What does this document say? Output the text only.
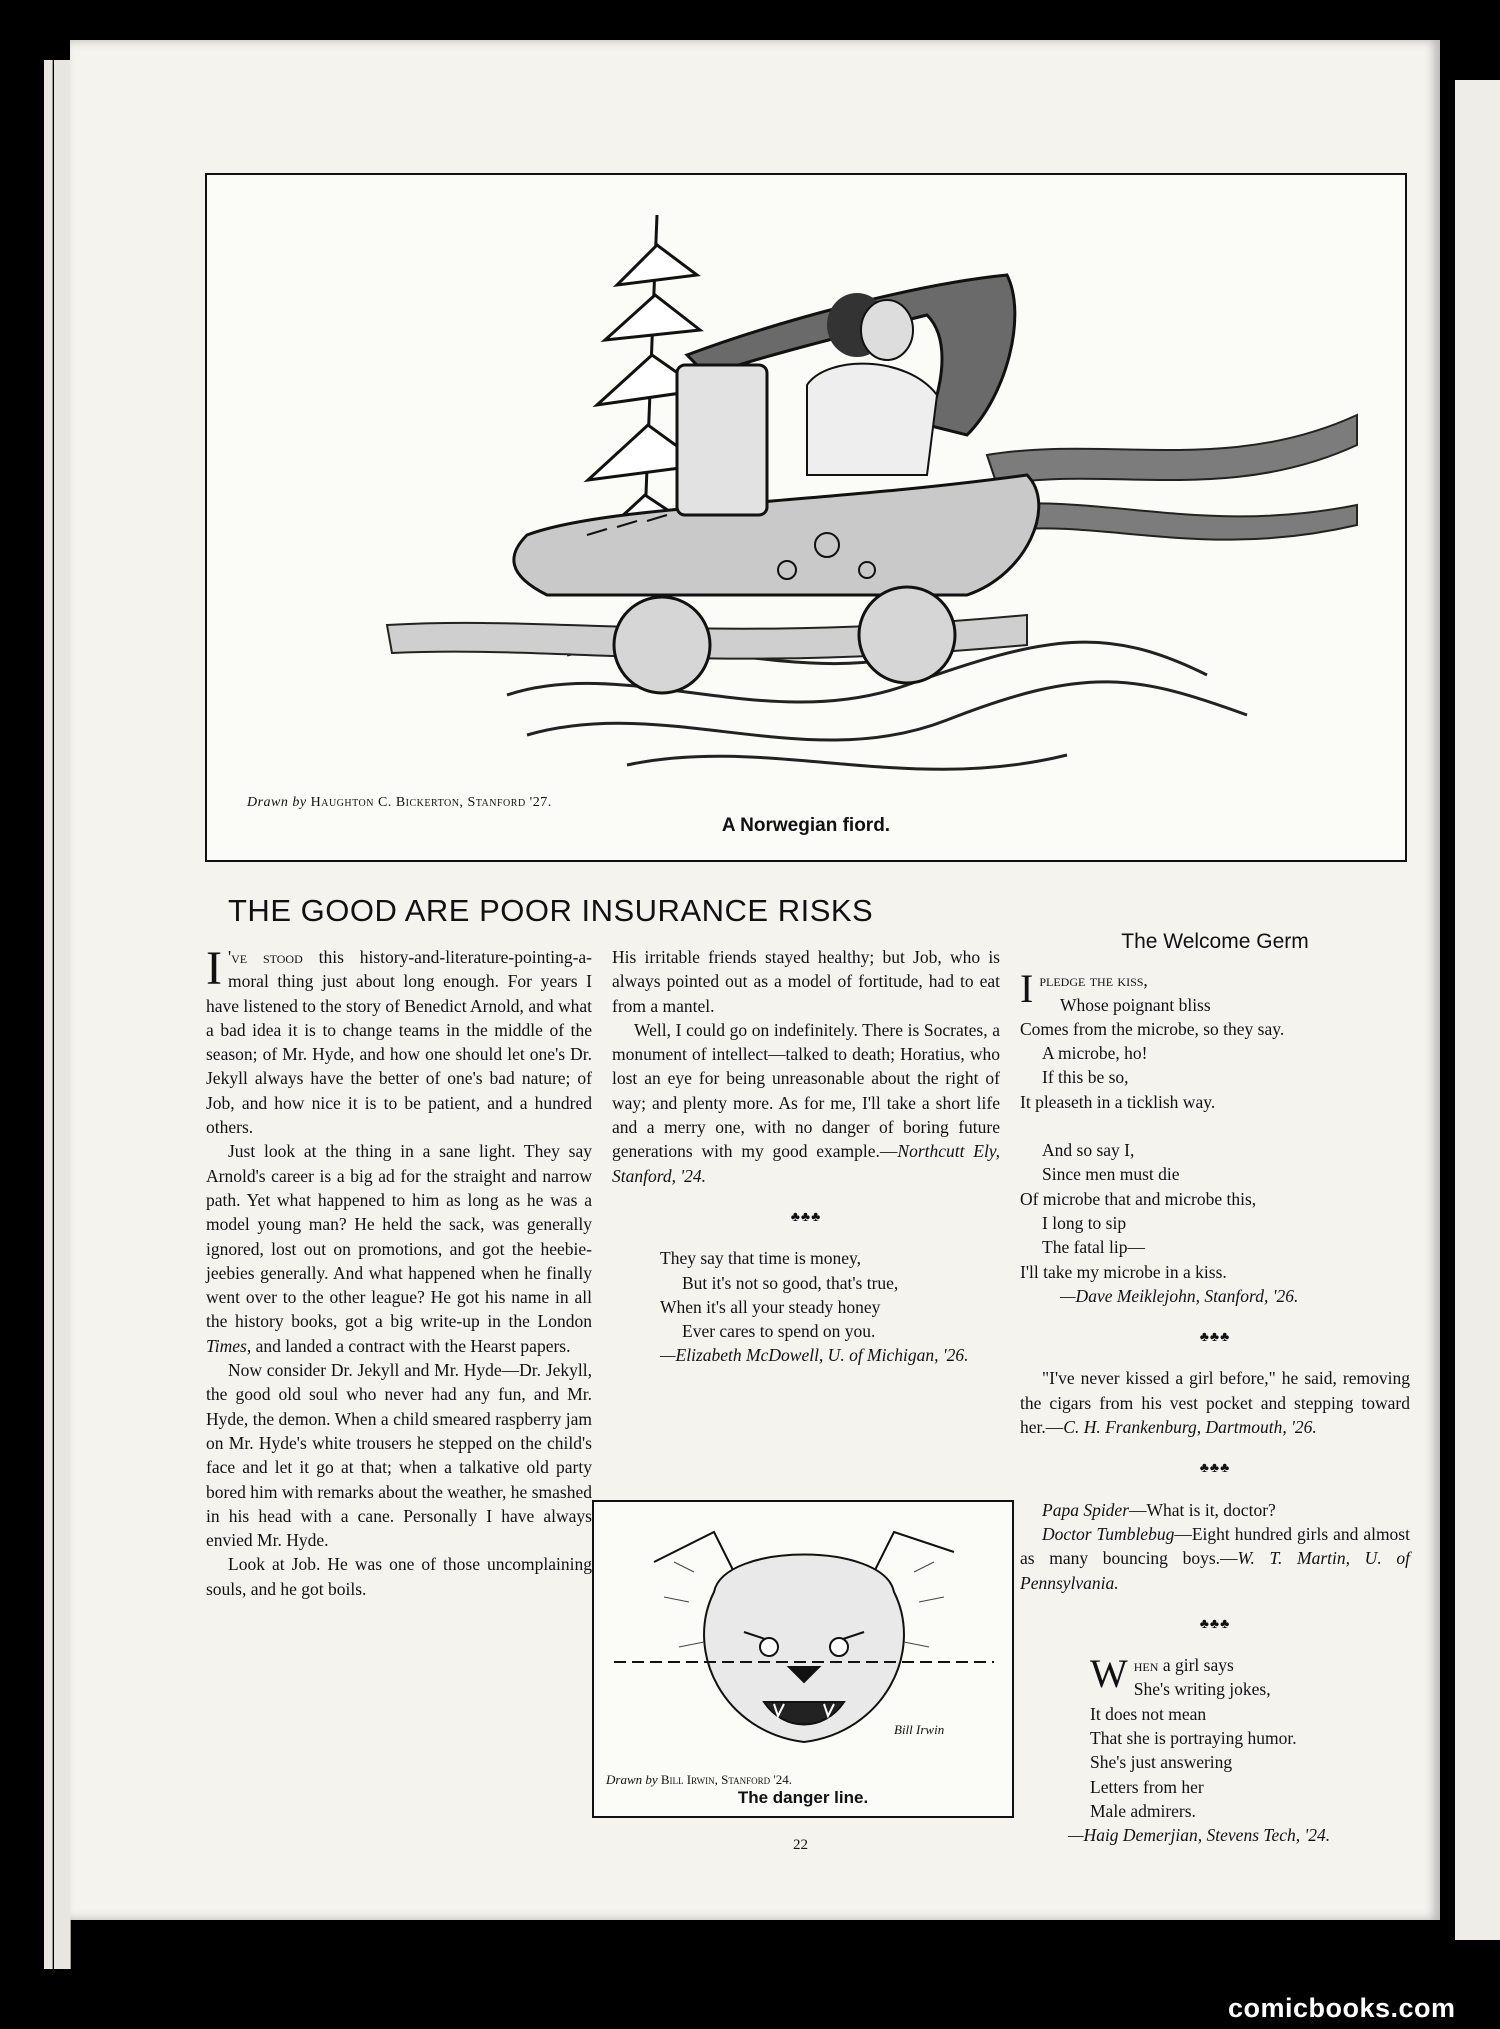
Drawn by Haughton C. Bickerton, Stanford '27.
A Norwegian fiord.
THE GOOD ARE POOR INSURANCE RISKS

I 've stood this history-and-literature-pointing-a-moral thing just about long enough. For years I have listened to the story of Benedict Arnold, and what a bad idea it is to change teams in the middle of the season; of Mr. Hyde, and how one should let one's Dr. Jekyll always have the better of one's bad nature; of Job, and how nice it is to be patient, and a hundred others.

Just look at the thing in a sane light. They say Arnold's career is a big ad for the straight and narrow path. Yet what happened to him as long as he was a model young man? He held the sack, was generally ignored, lost out on promotions, and got the heebie-jeebies generally. And what happened when he finally went over to the other league? He got his name in all the history books, got a big write-up in the London Times, and landed a contract with the Hearst papers.

Now consider Dr. Jekyll and Mr. Hyde—Dr. Jekyll, the good old soul who never had any fun, and Mr. Hyde, the demon. When a child smeared raspberry jam on Mr. Hyde's white trousers he stepped on the child's face and let it go at that; when a talkative old party bored him with remarks about the weather, he smashed in his head with a cane. Personally I have always envied Mr. Hyde.

Look at Job. He was one of those uncomplaining souls, and he got boils.

His irritable friends stayed healthy; but Job, who is always pointed out as a model of fortitude, had to eat from a mantel.

Well, I could go on indefinitely. There is Socrates, a monument of intellect—talked to death; Horatius, who lost an eye for being unreasonable about the right of way; and plenty more. As for me, I'll take a short life and a merry one, with no danger of boring future generations with my good example.—Northcutt Ely, Stanford, '24.

♣♣♣
They say that time is money,
But it's not so good, that's true,
When it's all your steady honey
Ever cares to spend on you.
—Elizabeth McDowell, U. of Michigan, '26.
Bill Irwin
Drawn by Bill Irwin, Stanford '24.
The danger line.
The Welcome Germ
Ipledge the kiss,
Whose poignant bliss
Comes from the microbe, so they say.
A microbe, ho!
If this be so,
It pleaseth in a ticklish way.
And so say I,
Since men must die
Of microbe that and microbe this,
I long to sip
The fatal lip—
I'll take my microbe in a kiss.
—Dave Meiklejohn, Stanford, '26.
♣♣♣

"I've never kissed a girl before," he said, removing the cigars from his vest pocket and stepping toward her.—C. H. Frankenburg, Dartmouth, '26.

♣♣♣

Papa Spider—What is it, doctor?

Doctor Tumblebug—Eight hundred girls and almost as many bouncing boys.—W. T. Martin, U. of Pennsylvania.

♣♣♣
When a girl says
She's writing jokes,
It does not mean
That she is portraying humor.
She's just answering
Letters from her
Male admirers.
—Haig Demerjian, Stevens Tech, '24.
22
comicbooks.com
